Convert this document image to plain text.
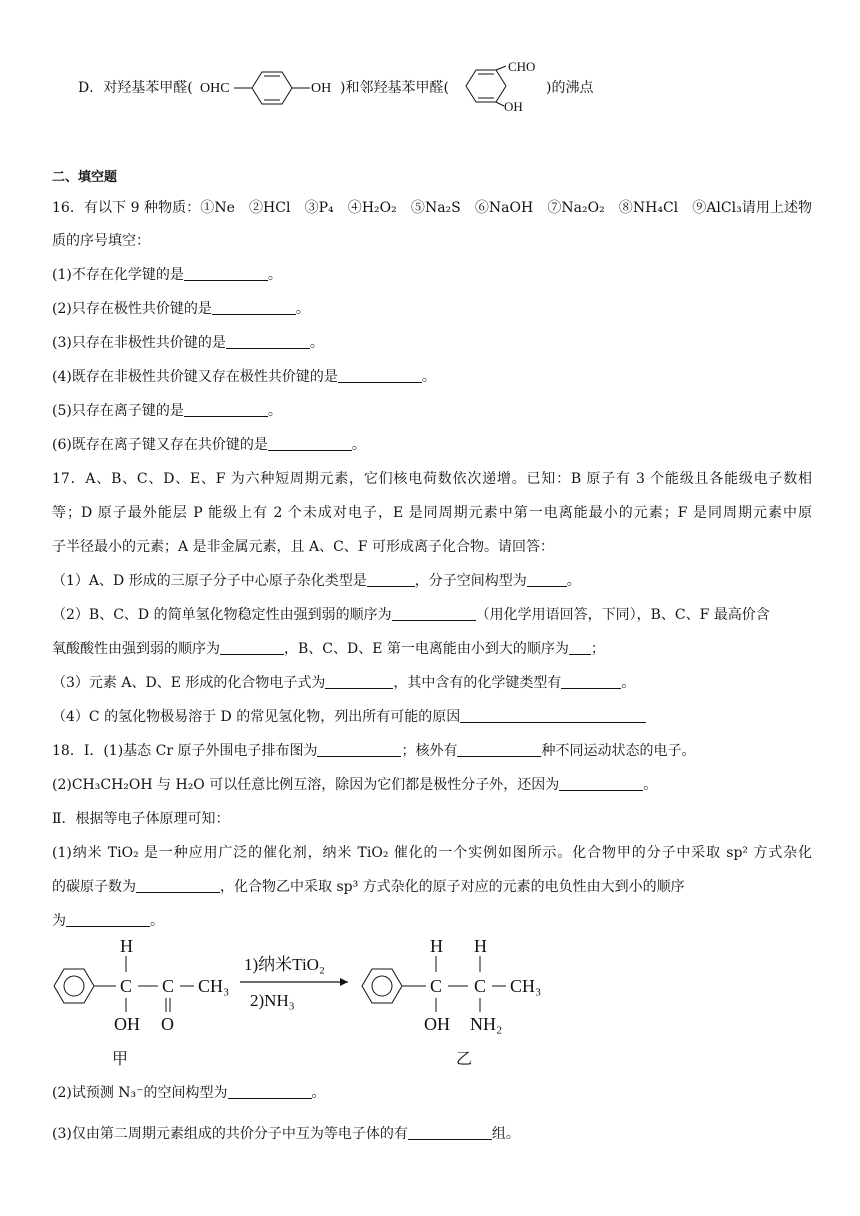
D．对羟基苯甲醛( OHC	OH )和邻羟基苯甲醛(
CHO
OH
)的沸点
二、填空题
16．有以下 9 种物质：①Ne　②HCl　③P₄　④H₂O₂　⑤Na₂S　⑥NaOH　⑦Na₂O₂　⑧NH₄Cl　⑨AlCl₃请用上述物
质的序号填空：
(1)不存在化学键的是	。
(2)只存在极性共价键的是	。
(3)只存在非极性共价键的是	。
(4)既存在非极性共价键又存在极性共价键的是	。
(5)只存在离子键的是	。
(6)既存在离子键又存在共价键的是	。
17．A、B、C、D、E、F 为六种短周期元素，它们核电荷数依次递增。已知：B 原子有 3 个能级且各能级电子数相
等；D 原子最外能层 P 能级上有 2 个未成对电子，E 是同周期元素中第一电离能最小的元素；F 是同周期元素中原
子半径最小的元素；A 是非金属元素，且 A、C、F 可形成离子化合物。请回答：
（1）A、D 形成的三原子分子中心原子杂化类型是	，分子空间构型为	。
（2）B、C、D 的简单氢化物稳定性由强到弱的顺序为	（用化学用语回答，下同），B、C、F 最高价含
氧酸酸性由强到弱的顺序为	，B、C、D、E 第一电离能由小到大的顺序为 ；
（3）元素 A、D、E 形成的化合物电子式为	，其中含有的化学键类型有	。
（4）C 的氢化物极易溶于 D 的常见氢化物，列出所有可能的原因
18．Ⅰ．(1)基态 Cr 原子外围电子排布图为	；核外有	种不同运动状态的电子。
(2)CH₃CH₂OH 与 H₂O 可以任意比例互溶，除因为它们都是极性分子外，还因为	。
Ⅱ．根据等电子体原理可知：
(1)纳米 TiO₂ 是一种应用广泛的催化剂，纳米 TiO₂ 催化的一个实例如图所示。化合物甲的分子中采取 sp² 方式杂化
的碳原子数为	，化合物乙中采取 sp³ 方式杂化的原子对应的元素的电负性由大到小的顺序
为	。
C
H
OH
C
O
CH₃
甲
1)纳米TiO₂
2)NH₃
C
H
OH
C
H
NH₂
CH₃
乙
(2)试预测 N₃⁻的空间构型为	。
(3)仅由第二周期元素组成的共价分子中互为等电子体的有	组。
